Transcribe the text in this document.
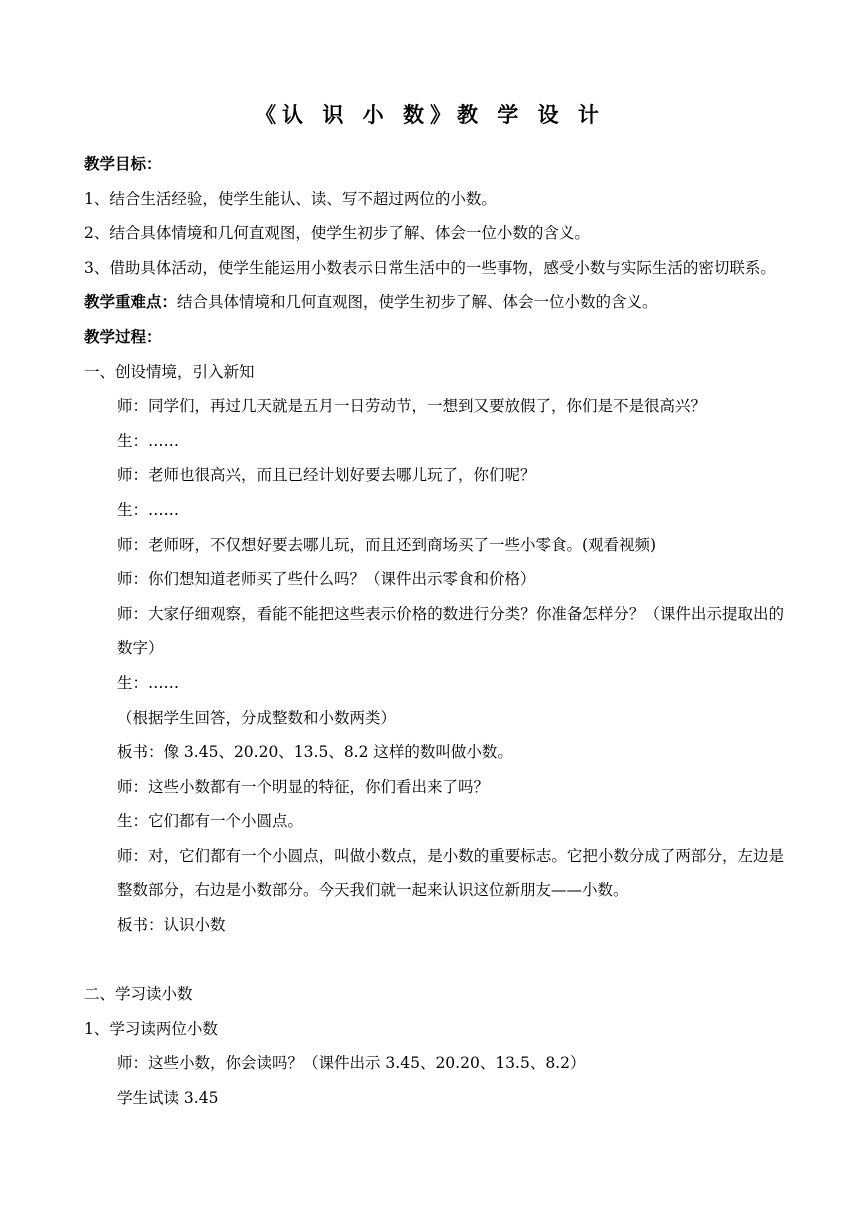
《认 识 小 数》教 学 设 计

教学目标：

1、结合生活经验，使学生能认、读、写不超过两位的小数。

2、结合具体情境和几何直观图，使学生初步了解、体会一位小数的含义。

3、借助具体活动，使学生能运用小数表示日常生活中的一些事物，感受小数与实际生活的密切联系。

教学重难点：结合具体情境和几何直观图，使学生初步了解、体会一位小数的含义。

教学过程：

一、创设情境，引入新知

师：同学们，再过几天就是五月一日劳动节，一想到又要放假了，你们是不是很高兴？

生：……

师：老师也很高兴，而且已经计划好要去哪儿玩了，你们呢？

生：……

师：老师呀，不仅想好要去哪儿玩，而且还到商场买了一些小零食。(观看视频)

师：你们想知道老师买了些什么吗？（课件出示零食和价格）

师：大家仔细观察，看能不能把这些表示价格的数进行分类？你准备怎样分？（课件出示提取出的数字）

生：……

（根据学生回答，分成整数和小数两类）

板书：像 3.45、20.20、13.5、8.2 这样的数叫做小数。

师：这些小数都有一个明显的特征，你们看出来了吗？

生：它们都有一个小圆点。

师：对，它们都有一个小圆点，叫做小数点，是小数的重要标志。它把小数分成了两部分，左边是整数部分，右边是小数部分。今天我们就一起来认识这位新朋友——小数。

板书：认识小数

二、学习读小数

1、学习读两位小数

师：这些小数，你会读吗？（课件出示 3.45、20.20、13.5、8.2）

学生试读 3.45
